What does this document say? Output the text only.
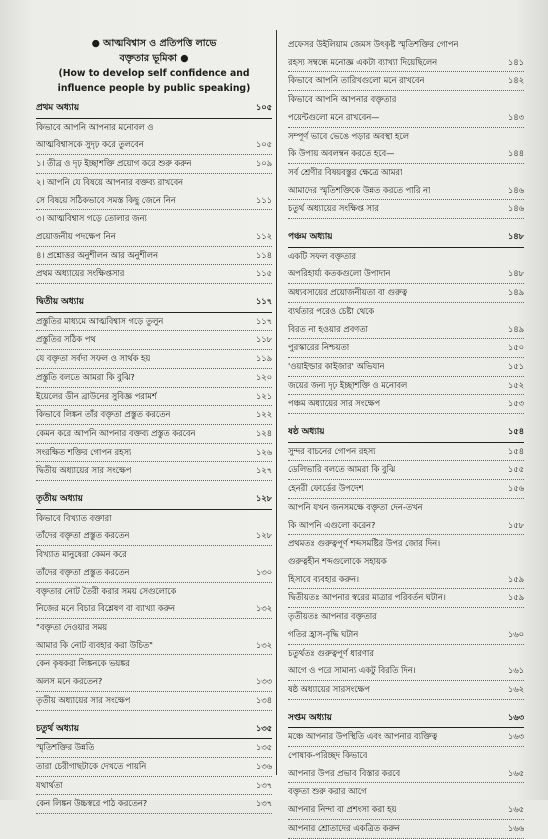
● আত্মবিশ্বাস ও প্রতিপত্তি লাভে
বক্তৃতার ভূমিকা ●
(How to develop self confidence and
influence people by public speaking)
প্রথম অধ্যায়	১০৫
কিভাবে আপনি আপনার মনোবল ও
আত্মবিশ্বাসকে সুদৃঢ় করে তুলবেন	১০৫
১। তীব্র ও দৃঢ় ইচ্ছাশক্তি প্রয়োগ করে শুরু করুন	১০৯
২। আপনি যে বিষয়ে আপনার বক্তব্য রাখবেন
সে বিষয়ে সঠিকভাবে সমস্ত কিছু জেনে নিন	১১১
৩। আত্মবিশ্বাস গড়ে তোলার জন্য
প্রয়োজনীয় পদক্ষেপ নিন	১১২
৪। প্রশ্নোত্তর অনুশীলন আর অনুশীলন	১১৪
প্রথম অধ্যায়ের সংক্ষিপ্তসার	১১৫
দ্বিতীয় অধ্যায়	১১৭
প্রস্তুতির মাধ্যমে আত্মবিশ্বাস গড়ে তুলুন	১১৭
প্রস্তুতির সঠিক পথ	১১৮
যে বক্তৃতা সর্বদা সফল ও সার্থক হয়	১১৯
প্রস্তুতি বলতে আমরা কি বুঝি?	১২০
ইয়েলের ডীন ব্রাউনের সুবিজ্ঞ পরামর্শ	১২১
কিভাবে লিঙ্কন তাঁর বক্তৃতা প্রস্তুত করতেন	১২২
কেমন করে আপনি আপনার বক্তব্য প্রস্তুত করবেন	১২৪
সংরক্ষিত শক্তির গোপন রহস্য	১২৬
দ্বিতীয় অধ্যায়ের সার সংক্ষেপ	১২৭
তৃতীয় অধ্যায়	১২৮
কিভাবে বিখ্যাত বক্তারা
তাঁদের বক্তৃতা প্রস্তুত করতেন	১২৮
বিখ্যাত মানুষেরা কেমন করে
তাঁদের বক্তৃতা প্রস্তুত করতেন	১৩০
বক্তৃতার নোট তৈরী করার সময় সেগুলোকে
নিজের মনে বিচার বিশ্লেষণ বা ব্যাখ্যা করুন	১৩২
"বক্তৃতা দেওয়ার সময়
আমার কি নোট ব্যবহার করা উচিত"	১৩২
কেন কৃষকরা লিঙ্কনকে ভয়ঙ্কর
অলস মনে করতেন?	১৩৩
তৃতীয় অধ্যায়ের সার সংক্ষেপ	১৩৪
চতুর্থ অধ্যায়	১৩৫
স্মৃতিশক্তির উন্নতি	১৩৫
তারা চেরীগাছটাকে দেখতে পায়নি	১৩৬
যথার্থতা	১৩৭
কেন লিঙ্কন উচ্চস্বরে পাঠ করতেন?	১৩৭
প্রফেসর উইলিয়াম জেমস উৎকৃষ্ট স্মৃতিশক্তির গোপন
রহস্য সম্বন্ধে মনোজ্ঞ একটা ব্যাখ্যা দিয়েছিলেন	১৪১
কিভাবে আপনি তারিখগুলো মনে রাখবেন	১৪২
কিভাবে আপনি আপনার বক্তৃতার
পয়েন্টগুলো মনে রাখবেন—	১৪৩
সম্পূর্ণ ভাবে ভেঙে পড়ার অবস্থা হলে
কি উপায় অবলম্বন করতে হবে—	১৪৪
সর্ব শ্রেণীর বিষয়বস্তুর ক্ষেত্রে আমরা
আমাদের স্মৃতিশক্তিকে উন্নত করতে পারি না	১৪৬
চতুর্থ অধ্যায়ের সংক্ষিপ্ত সার	১৪৬
পঞ্চম অধ্যায়	১৪৮
একটি সফল বক্তৃতার
অপরিহার্য্য কতকগুলো উপাদান	১৪৮
অধ্যবসায়ের প্রয়োজনীয়তা বা গুরুত্ব	১৪৯
ব্যর্থতার পরেও চেষ্টা থেকে
বিরত না হওয়ার প্রবণতা	১৪৯
পুরস্কারের নিশ্চয়তা	১৫০
'ওয়াইল্ডার কাইজার' অভিযান	১৫১
জয়ের জন্য দৃঢ় ইচ্ছাশক্তি ও মনোবল	১৫২
পঞ্চম অধ্যায়ের সার সংক্ষেপ	১৫৩
ষষ্ঠ অধ্যায়	১৫৪
সুন্দর বাচনের গোপন রহস্য	১৫৪
ডেলিভারি বলতে আমরা কি বুঝি	১৫৫
হেনরী ফোর্ডের উপদেশ	১৫৬
আপনি যখন জনসমক্ষে বক্তৃতা দেন-তখন
কি আপনি এগুলো করেন?	১৫৮
প্রথমতঃ গুরুত্বপূর্ণ শব্দসমষ্টির উপর জোর দিন।
গুরুত্বহীন শব্দগুলোকে সহায়ক
হিসাবে ব্যবহার করুন।	১৫৯
দ্বিতীয়তঃ আপনার স্বরের মাত্রার পরিবর্তন ঘটান।	১৫৯
তৃতীয়তঃ আপনার বক্তৃতার
গতির হ্রাস-বৃদ্ধি ঘটান	১৬০
চতুর্থতঃ গুরুত্বপূর্ণ ধারণার
আগে ও পরে সামান্য একটু বিরতি দিন।	১৬১
ষষ্ঠ অধ্যায়ের সারসংক্ষেপ	১৬২
সপ্তম অধ্যায়	১৬৩
মঞ্চে আপনার উপস্থিতি এবং আপনার ব্যক্তিত্ব	১৬৩
পোষাক-পরিচ্ছদ কিভাবে
আপনার উপর প্রভাব বিস্তার করবে	১৬৫
বক্তৃতা শুরু করার আগে
আপনার নিন্দা বা প্রশংসা করা হয়	১৬৫
আপনার শ্রোতাদের একত্রিত করুন	১৬৬
